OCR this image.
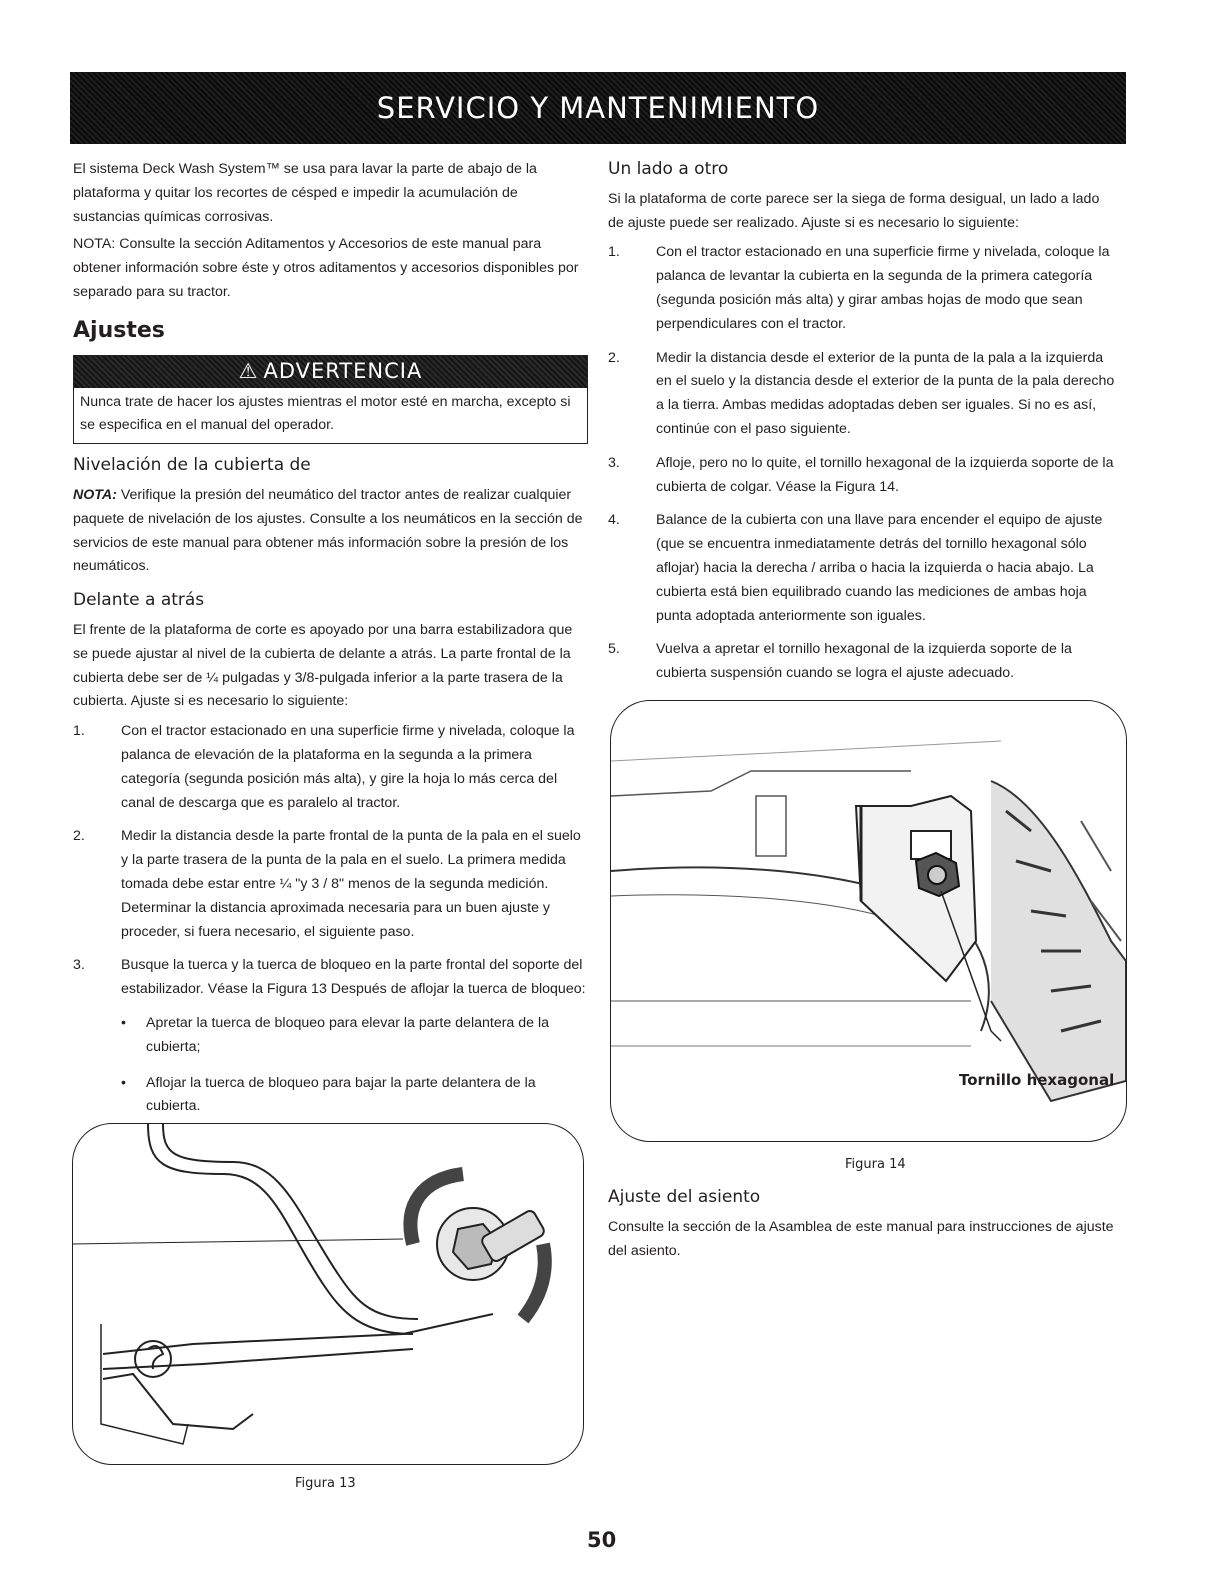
SERVICIO Y MANTENIMIENTO

El sistema Deck Wash System™ se usa para lavar la parte de abajo de la plataforma y quitar los recortes de césped e impedir la acumulación de sustancias químicas corrosivas.

NOTA: Consulte la sección Aditamentos y Accesorios de este manual para obtener información sobre éste y otros aditamentos y accesorios disponibles por separado para su tractor.

Ajustes
⚠ ADVERTENCIA
Nunca trate de hacer los ajustes mientras el motor esté en marcha, excepto si se especifica en el manual del operador.
Nivelación de la cubierta de

NOTA: Verifique la presión del neumático del tractor antes de realizar cualquier paquete de nivelación de los ajustes. Consulte a los neumáticos en la sección de servicios de este manual para obtener más información sobre la presión de los neumáticos.

Delante a atrás

El frente de la plataforma de corte es apoyado por una barra estabilizadora que se puede ajustar al nivel de la cubierta de delante a atrás. La parte frontal de la cubierta debe ser de ¼ pulgadas y 3/8-pulgada inferior a la parte trasera de la cubierta. Ajuste si es necesario lo siguiente:

1.	Con el tractor estacionado en una superficie firme y nivelada, coloque la palanca de elevación de la plataforma en la segunda a la primera categoría (segunda posición más alta), y gire la hoja lo más cerca del canal de descarga que es paralelo al tractor.
2.	Medir la distancia desde la parte frontal de la punta de la pala en el suelo y la parte trasera de la punta de la pala en el suelo. La primera medida tomada debe estar entre ¼ "y 3 / 8" menos de la segunda medición. Determinar la distancia aproximada necesaria para un buen ajuste y proceder, si fuera necesario, el siguiente paso.
3.	Busque la tuerca y la tuerca de bloqueo en la parte frontal del soporte del estabilizador. Véase la Figura 13 Después de aflojar la tuerca de bloqueo:
•	Apretar la tuerca de bloqueo para elevar la parte delantera de la cubierta;
•	Aflojar la tuerca de bloqueo para bajar la parte delantera de la cubierta.
Figura 13
Un lado a otro

Si la plataforma de corte parece ser la siega de forma desigual, un lado a lado de ajuste puede ser realizado. Ajuste si es necesario lo siguiente:

1.	Con el tractor estacionado en una superficie firme y nivelada, coloque la palanca de levantar la cubierta en la segunda de la primera categoría (segunda posición más alta) y girar ambas hojas de modo que sean perpendiculares con el tractor.
2.	Medir la distancia desde el exterior de la punta de la pala a la izquierda en el suelo y la distancia desde el exterior de la punta de la pala derecho a la tierra. Ambas medidas adoptadas deben ser iguales. Si no es así, continúe con el paso siguiente.
3.	Afloje, pero no lo quite, el tornillo hexagonal de la izquierda soporte de la cubierta de colgar. Véase la Figura 14.
4.	Balance de la cubierta con una llave para encender el equipo de ajuste (que se encuentra inmediatamente detrás del tornillo hexagonal sólo aflojar) hacia la derecha / arriba o hacia la izquierda o hacia abajo. La cubierta está bien equilibrado cuando las mediciones de ambas hoja punta adoptada anteriormente son iguales.
5.	Vuelva a apretar el tornillo hexagonal de la izquierda soporte de la cubierta suspensión cuando se logra el ajuste adecuado.
Tornillo hexagonal
Figura 14
Ajuste del asiento

Consulte la sección de la Asamblea de este manual para instrucciones de ajuste del asiento.

50
